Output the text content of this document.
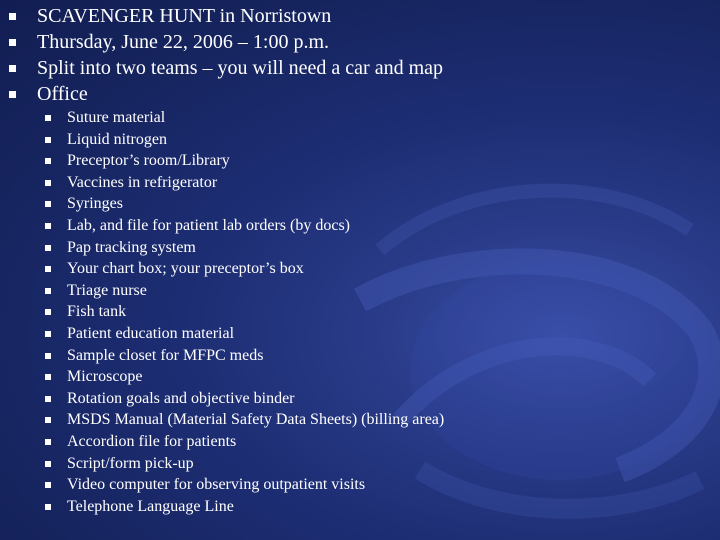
SCAVENGER HUNT in Norristown
Thursday, June 22, 2006 – 1:00 p.m.
Split into two teams – you will need a car and map
Office
Suture material
Liquid nitrogen
Preceptor’s room/Library
Vaccines in refrigerator
Syringes
Lab, and file for patient lab orders (by docs)
Pap tracking system
Your chart box; your preceptor’s box
Triage nurse
Fish tank
Patient education material
Sample closet for MFPC meds
Microscope
Rotation goals and objective binder
MSDS Manual (Material Safety Data Sheets) (billing area)
Accordion file for patients
Script/form pick-up
Video computer for observing outpatient visits
Telephone Language Line
